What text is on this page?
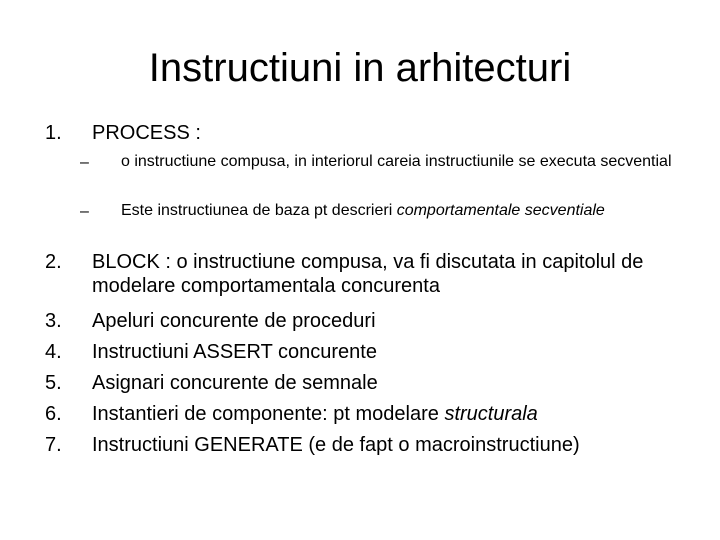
Instructiuni in arhitecturi
1.	PROCESS :
–	o instructiune compusa, in interiorul careia instructiunile se executa secvential
–	Este instructiunea de baza pt descrieri comportamentale secventiale
2.	BLOCK : o instructiune compusa, va fi discutata in capitolul de modelare comportamentala concurenta
3.	Apeluri concurente de proceduri
4.	Instructiuni ASSERT concurente
5.	Asignari concurente de semnale
6.	Instantieri de componente: pt modelare structurala
7.	Instructiuni GENERATE (e de fapt o macroinstructiune)
